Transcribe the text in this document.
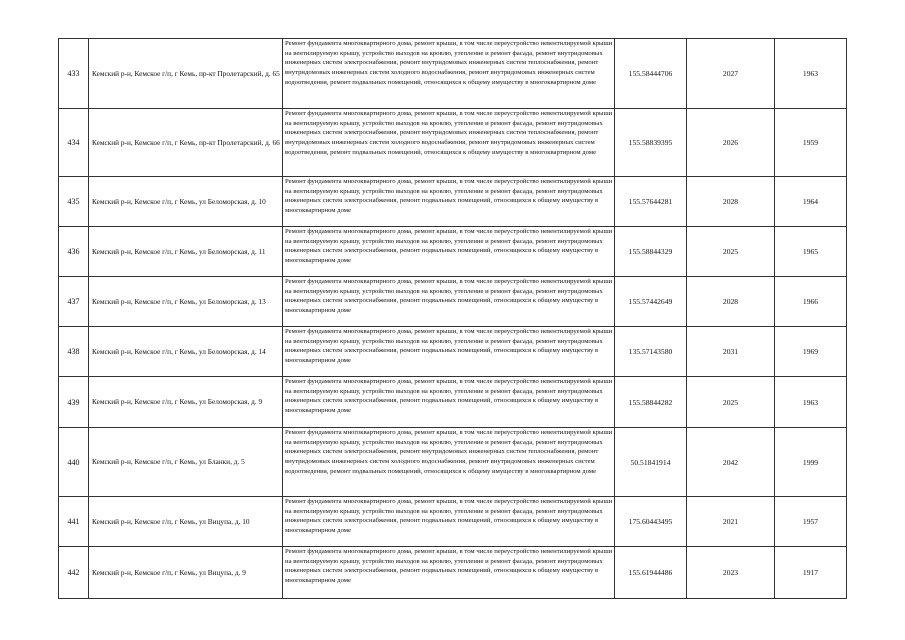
433	Кемский р-н, Кемское г/п, г Кемь, пр-кт Пролетарский, д. 65	Ремонт фундамента многоквартирного дома, ремонт крыши, в том числе переустройство невентилируемой крыши на вентилируемую крышу, устройство выходов на кровлю, утепление и ремонт фасада, ремонт внутридомовых инженерных систем электроснабжения, ремонт внутридомовых инженерных систем теплоснабжения, ремонт внутридомовых инженерных систем холодного водоснабжения, ремонт внутридомовых инженерных систем водоотведения, ремонт подвальных помещений, относящихся к общему имуществу в многоквартирном доме	155.58444706	2027	1963
434	Кемский р-н, Кемское г/п, г Кемь, пр-кт Пролетарский, д. 66	Ремонт фундамента многоквартирного дома, ремонт крыши, в том числе переустройство невентилируемой крыши на вентилируемую крышу, устройство выходов на кровлю, утепление и ремонт фасада, ремонт внутридомовых инженерных систем электроснабжения, ремонт внутридомовых инженерных систем теплоснабжения, ремонт внутридомовых инженерных систем холодного водоснабжения, ремонт внутридомовых инженерных систем водоотведения, ремонт подвальных помещений, относящихся к общему имуществу в многоквартирном доме	155.58839395	2026	1959
435	Кемский р-н, Кемское г/п, г Кемь, ул Беломорская, д. 10	Ремонт фундамента многоквартирного дома, ремонт крыши, в том числе переустройство невентилируемой крыши на вентилируемую крышу, устройство выходов на кровлю, утепление и ремонт фасада, ремонт внутридомовых инженерных систем электроснабжения, ремонт подвальных помещений, относящихся к общему имуществу в многоквартирном доме	155.57644281	2028	1964
436	Кемский р-н, Кемское г/п, г Кемь, ул Беломорская, д. 11	Ремонт фундамента многоквартирного дома, ремонт крыши, в том числе переустройство невентилируемой крыши на вентилируемую крышу, устройство выходов на кровлю, утепление и ремонт фасада, ремонт внутридомовых инженерных систем электроснабжения, ремонт подвальных помещений, относящихся к общему имуществу в многоквартирном доме	155.58844329	2025	1965
437	Кемский р-н, Кемское г/п, г Кемь, ул Беломорская, д. 13	Ремонт фундамента многоквартирного дома, ремонт крыши, в том числе переустройство невентилируемой крыши на вентилируемую крышу, устройство выходов на кровлю, утепление и ремонт фасада, ремонт внутридомовых инженерных систем электроснабжения, ремонт подвальных помещений, относящихся к общему имуществу в многоквартирном доме	155.57442649	2028	1966
438	Кемский р-н, Кемское г/п, г Кемь, ул Беломорская, д. 14	Ремонт фундамента многоквартирного дома, ремонт крыши, в том числе переустройство невентилируемой крыши на вентилируемую крышу, устройство выходов на кровлю, утепление и ремонт фасада, ремонт внутридомовых инженерных систем электроснабжения, ремонт подвальных помещений, относящихся к общему имуществу в многоквартирном доме	135.57143580	2031	1969
439	Кемский р-н, Кемское г/п, г Кемь, ул Беломорская, д. 9	Ремонт фундамента многоквартирного дома, ремонт крыши, в том числе переустройство невентилируемой крыши на вентилируемую крышу, устройство выходов на кровлю, утепление и ремонт фасада, ремонт внутридомовых инженерных систем электроснабжения, ремонт подвальных помещений, относящихся к общему имуществу в многоквартирном доме	155.58844282	2025	1963
440	Кемский р-н, Кемское г/п, г Кемь, ул Бланки, д. 5	Ремонт фундамента многоквартирного дома, ремонт крыши, в том числе переустройство невентилируемой крыши на вентилируемую крышу, устройство выходов на кровлю, утепление и ремонт фасада, ремонт внутридомовых инженерных систем электроснабжения, ремонт внутридомовых инженерных систем теплоснабжения, ремонт внутридомовых инженерных систем холодного водоснабжения, ремонт внутридомовых инженерных систем водоотведения, ремонт подвальных помещений, относящихся к общему имуществу в многоквартирном доме	50.51841914	2042	1999
441	Кемский р-н, Кемское г/п, г Кемь, ул Вицупа, д. 10	Ремонт фундамента многоквартирного дома, ремонт крыши, в том числе переустройство невентилируемой крыши на вентилируемую крышу, устройство выходов на кровлю, утепление и ремонт фасада, ремонт внутридомовых инженерных систем электроснабжения, ремонт подвальных помещений, относящихся к общему имуществу в многоквартирном доме	175.60443495	2021	1957
442	Кемский р-н, Кемское г/п, г Кемь, ул Вицупа, д. 9	Ремонт фундамента многоквартирного дома, ремонт крыши, в том числе переустройство невентилируемой крыши на вентилируемую крышу, устройство выходов на кровлю, утепление и ремонт фасада, ремонт внутридомовых инженерных систем электроснабжения, ремонт подвальных помещений, относящихся к общему имуществу в многоквартирном доме	155.61944486	2023	1917
